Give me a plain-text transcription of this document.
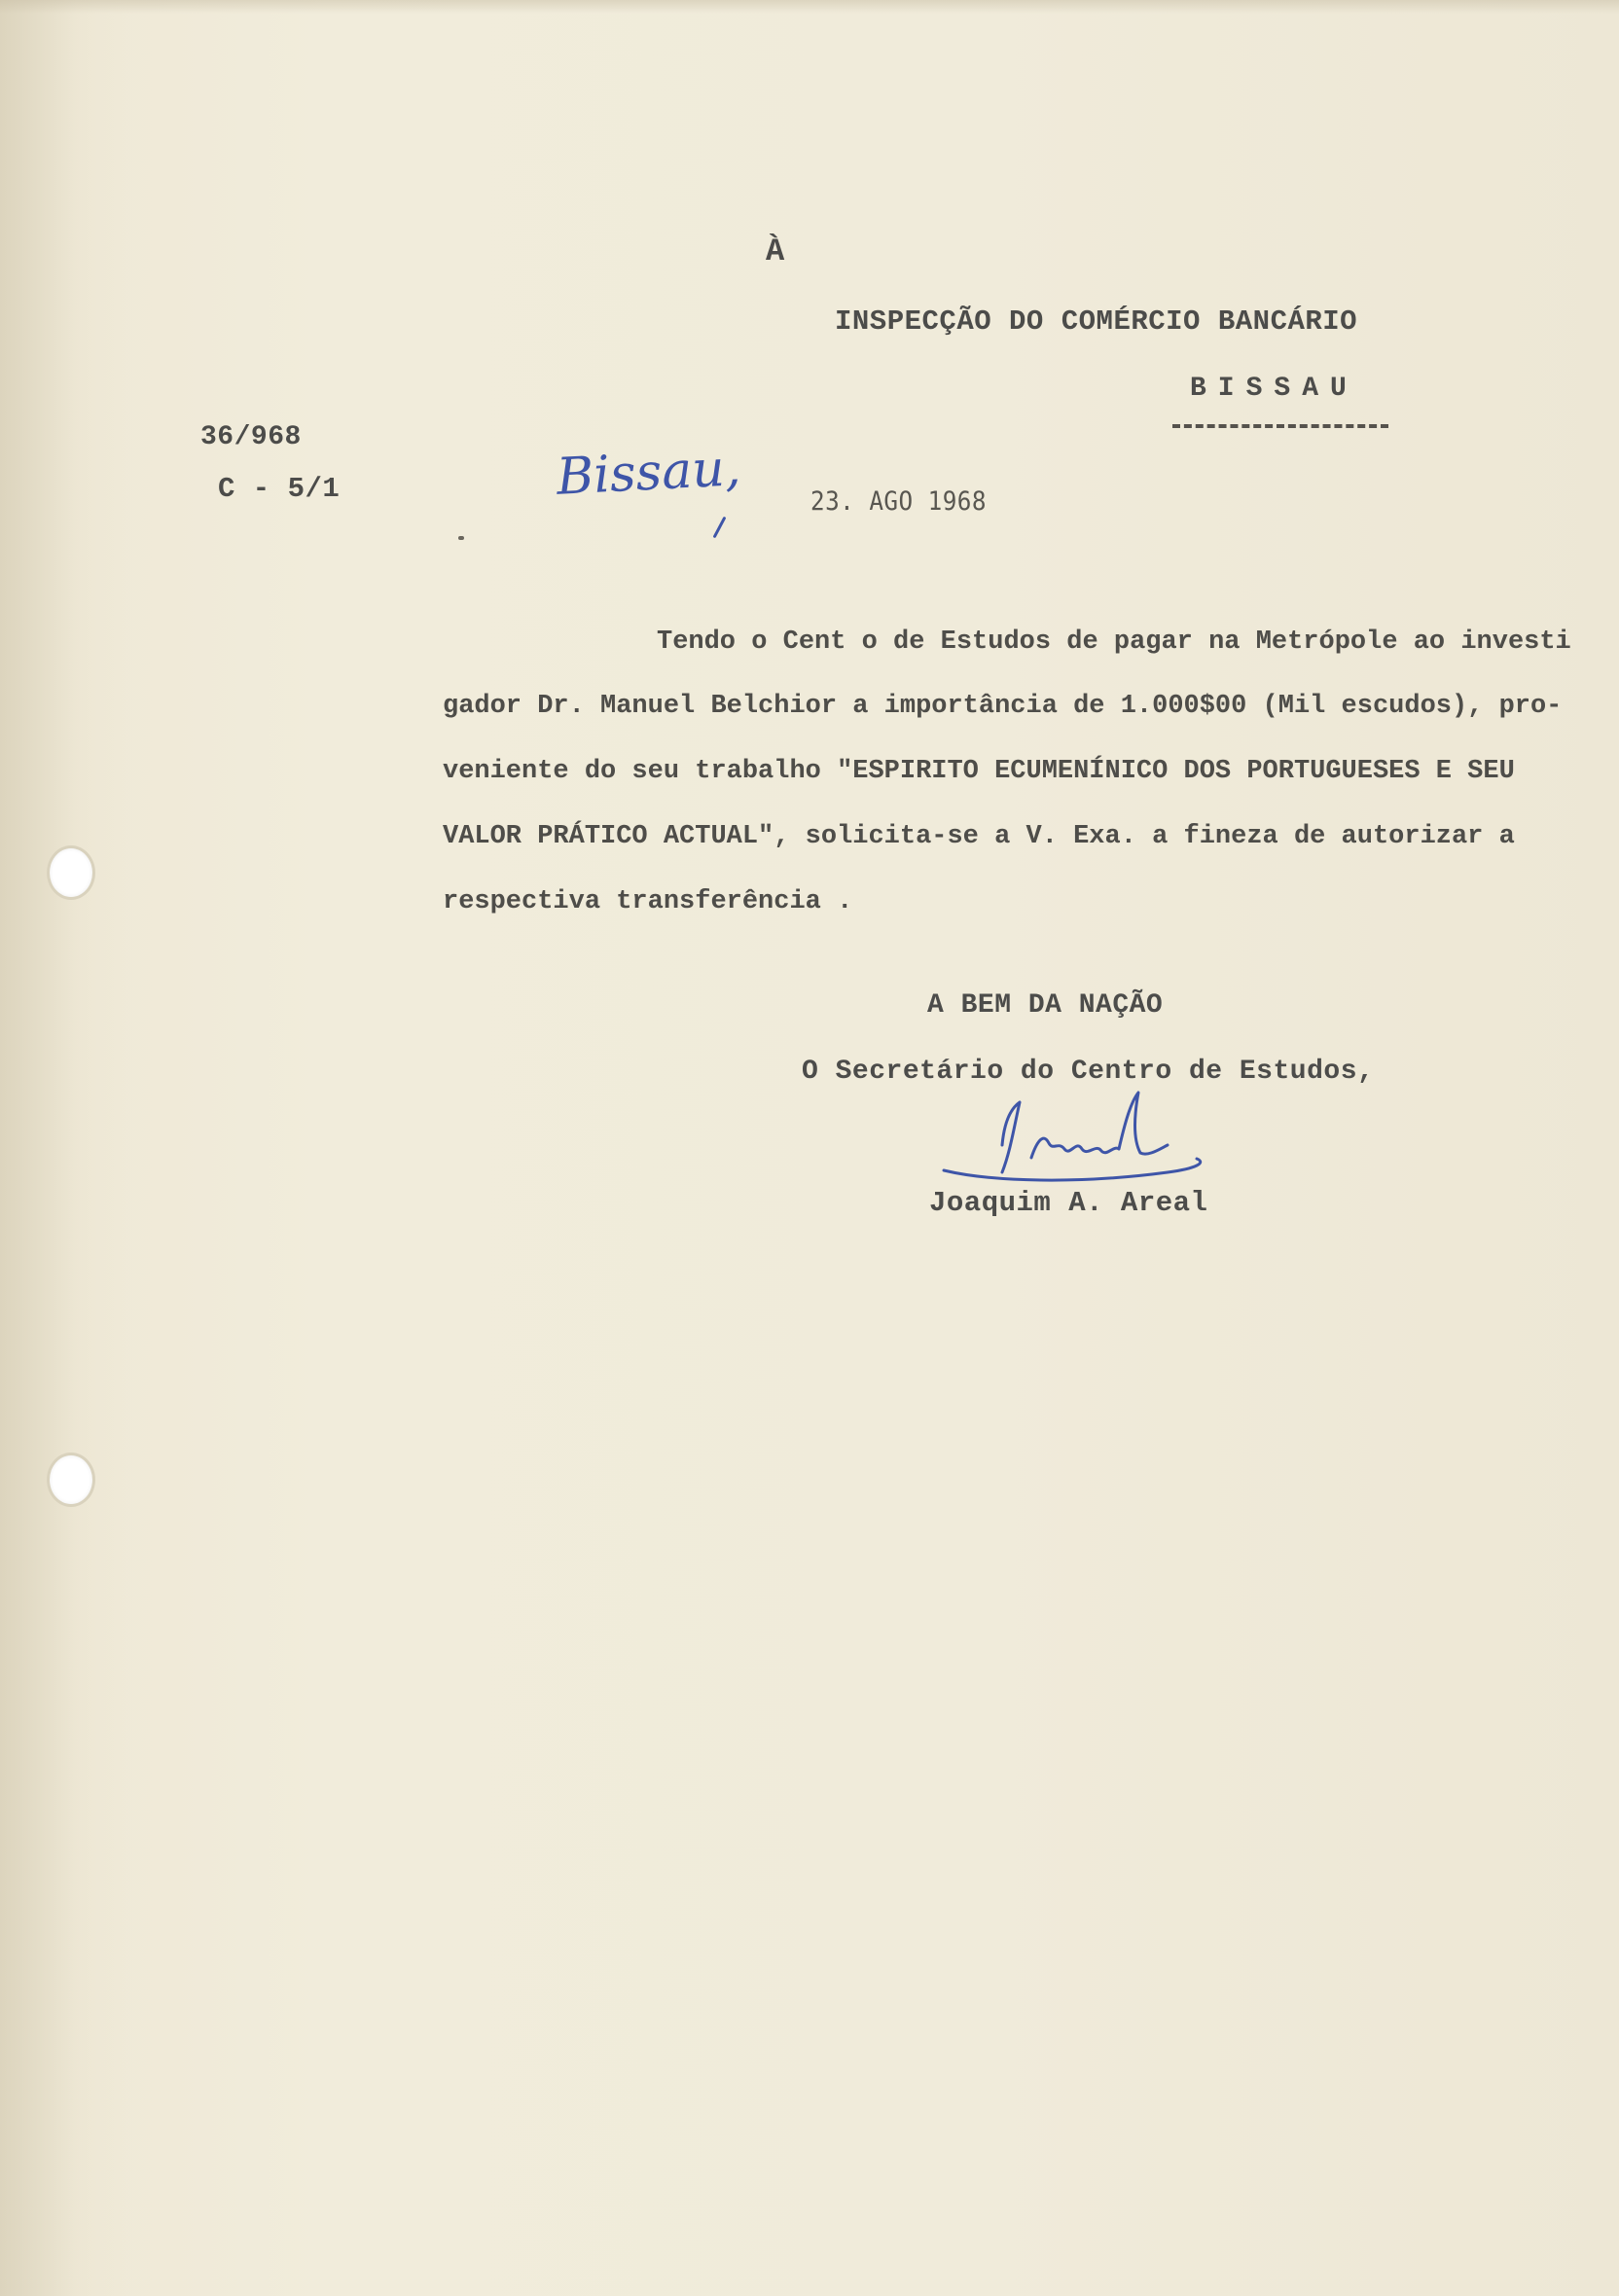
À
INSPECÇÃO DO COMÉRCIO BANCÁRIO
BISSAU
36/968
C - 5/1	Bissau,	23. AGO 1968
Tendo o Cent o de Estudos de pagar na Metrópole ao investi
gador Dr. Manuel Belchior a importância de 1.000$00 (Mil escudos), pro-
veniente do seu trabalho "ESPIRITO ECUMENÍNICO DOS PORTUGUESES E SEU
VALOR PRÁTICO ACTUAL", solicita-se a V. Exa. a fineza de autorizar a
respectiva transferência .
A BEM DA NAÇÃO
O Secretário do Centro de Estudos,
Joaquim A. Areal
